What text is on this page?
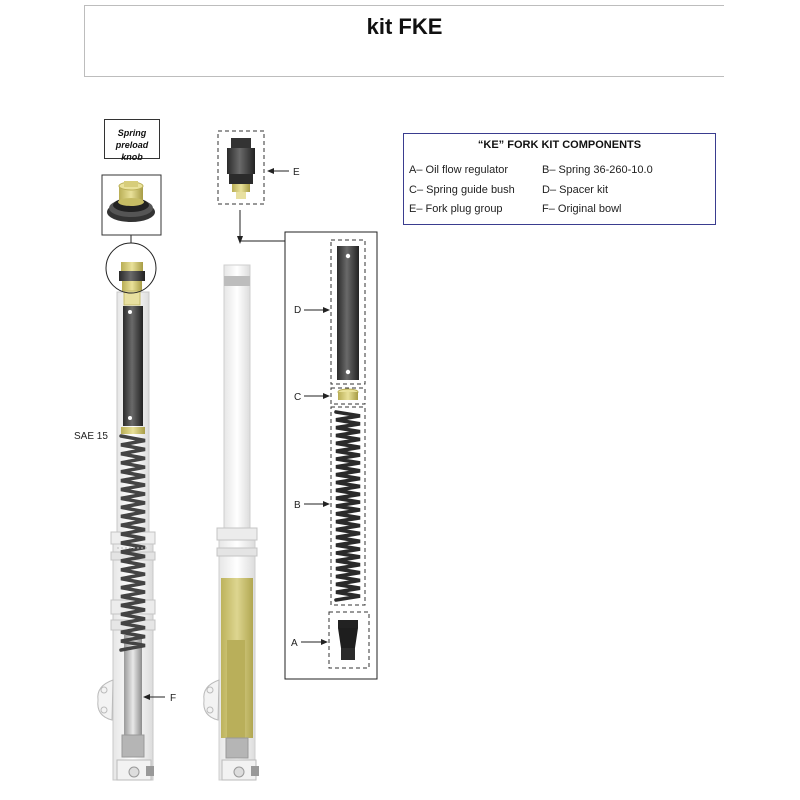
kit FKE
“KE” FORK KIT COMPONENTS
A– Oil flow regulator	B– Spring 36-260-10.0
C– Spring guide bush D– Spacer kit
E– Fork plug group	F– Original bowl
SAE 15
F
E
D
C
B
A
Spring
preload knob
